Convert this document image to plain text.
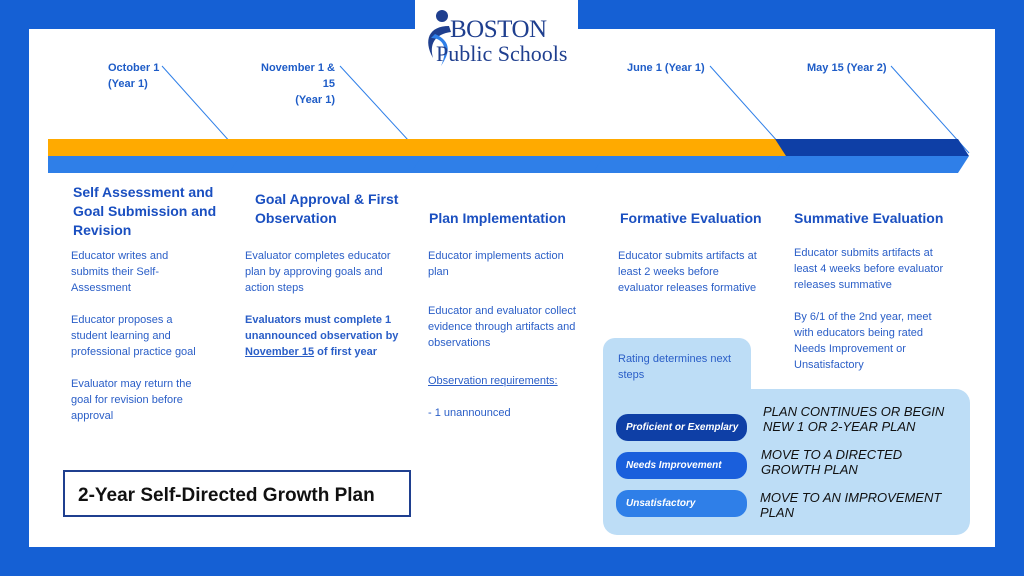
BOSTON
Public Schools
October 1
(Year 1)
November 1 & 15
(Year 1)
June 1 (Year 1)	May 15 (Year 2)
Self Assessment and Goal Submission and Revision
Educator writes and submits their Self-Assessment
Educator proposes a student learning and professional practice goal
Evaluator may return the goal for revision before approval
Goal Approval & First Observation
Evaluator completes educator plan by approving goals and action steps
Evaluators must complete 1 unannounced observation by November 15 of first year
Plan Implementation
Educator implements action plan
Educator and evaluator collect evidence through artifacts and observations
Observation requirements:
- 1 unannounced
Formative Evaluation
Educator submits artifacts at least 2 weeks before evaluator releases formative
Summative Evaluation
Educator submits artifacts at least 4 weeks before evaluator releases summative
By 6/1 of the 2nd year, meet with educators being rated Needs Improvement or Unsatisfactory
Rating determines next steps
Proficient or Exemplary
PLAN CONTINUES OR BEGIN NEW 1 OR 2-YEAR PLAN
Needs Improvement
MOVE TO A DIRECTED GROWTH PLAN
Unsatisfactory	MOVE TO AN IMPROVEMENT PLAN
2-Year Self-Directed Growth Plan
